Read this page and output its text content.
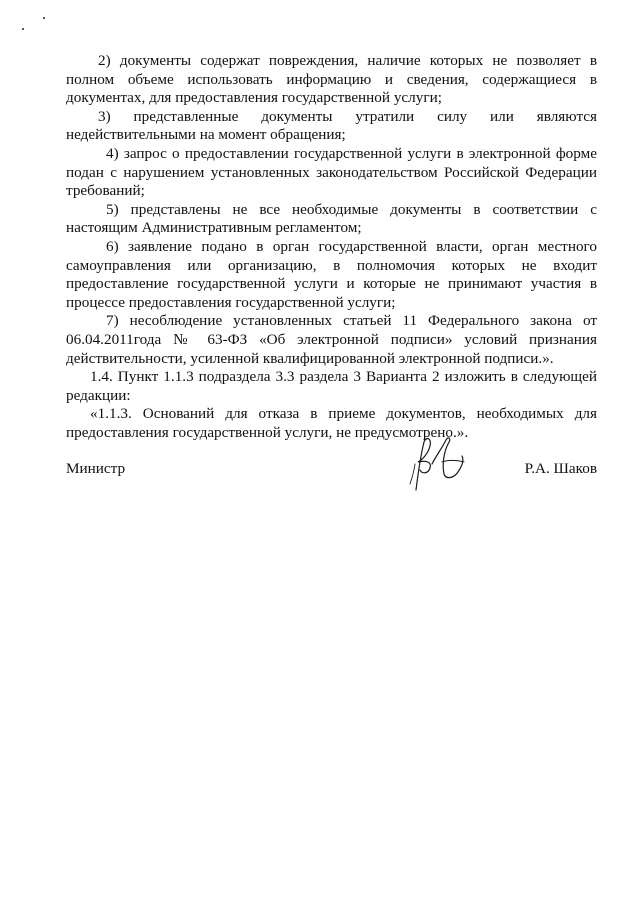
2) документы содержат повреждения, наличие которых не позволяет в полном объеме использовать информацию и сведения, содержащиеся в документах, для предоставления государственной услуги;

3) представленные документы утратили силу или являются недействительными на момент обращения;

4) запрос о предоставлении государственной услуги в электронной форме подан с нарушением установленных законодательством Российской Федерации требований;

5) представлены не все необходимые документы в соответствии с настоящим Административным регламентом;

6) заявление подано в орган государственной власти, орган местного самоуправления или организацию, в полномочия которых не входит предоставление государственной услуги и которые не принимают участия в процессе предоставления государственной услуги;

7) несоблюдение установленных статьей 11 Федерального закона от 06.04.2011года № 63-ФЗ «Об электронной подписи» условий признания действительности, усиленной квалифицированной электронной подписи.».

1.4. Пункт 1.1.3 подраздела 3.3 раздела 3 Варианта 2 изложить в следующей редакции:

«1.1.3. Оснований для отказа в приеме документов, необходимых для предоставления государственной услуги, не предусмотрено.».

Министр	Р.А. Шаков
